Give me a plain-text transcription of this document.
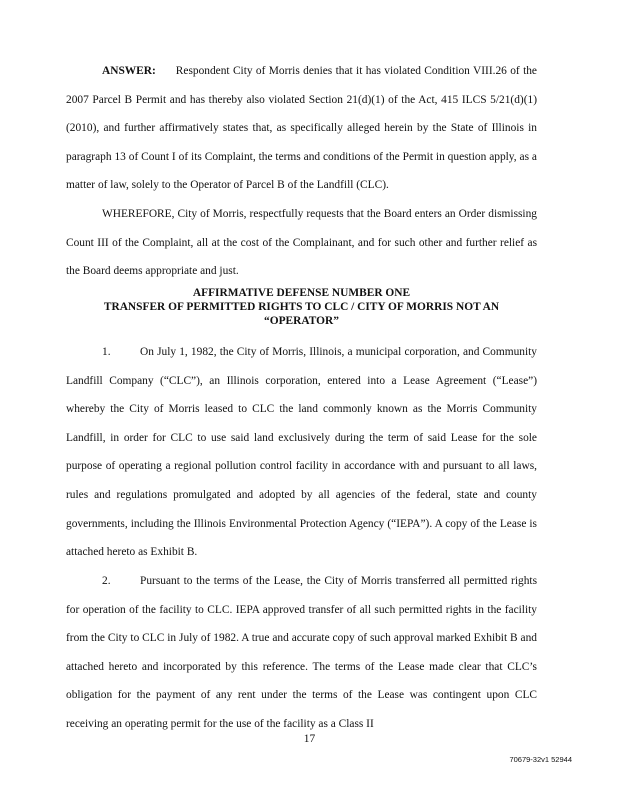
ANSWER: Respondent City of Morris denies that it has violated Condition VIII.26 of the 2007 Parcel B Permit and has thereby also violated Section 21(d)(1) of the Act, 415 ILCS 5/21(d)(1) (2010), and further affirmatively states that, as specifically alleged herein by the State of Illinois in paragraph 13 of Count I of its Complaint, the terms and conditions of the Permit in question apply, as a matter of law, solely to the Operator of Parcel B of the Landfill (CLC).

WHEREFORE, City of Morris, respectfully requests that the Board enters an Order dismissing Count III of the Complaint, all at the cost of the Complainant, and for such other and further relief as the Board deems appropriate and just.

AFFIRMATIVE DEFENSE NUMBER ONE
TRANSFER OF PERMITTED RIGHTS TO CLC / CITY OF MORRIS NOT AN
“OPERATOR”

1.	On July 1, 1982, the City of Morris, Illinois, a municipal corporation, and Community Landfill Company (“CLC”), an Illinois corporation, entered into a Lease Agreement (“Lease”) whereby the City of Morris leased to CLC the land commonly known as the Morris Community Landfill, in order for CLC to use said land exclusively during the term of said Lease for the sole purpose of operating a regional pollution control facility in accordance with and pursuant to all laws, rules and regulations promulgated and adopted by all agencies of the federal, state and county governments, including the Illinois Environmental Protection Agency (“IEPA”). A copy of the Lease is attached hereto as Exhibit B.

2.	Pursuant to the terms of the Lease, the City of Morris transferred all permitted rights for operation of the facility to CLC. IEPA approved transfer of all such permitted rights in the facility from the City to CLC in July of 1982. A true and accurate copy of such approval marked Exhibit B and attached hereto and incorporated by this reference. The terms of the Lease made clear that CLC’s obligation for the payment of any rent under the terms of the Lease was contingent upon CLC receiving an operating permit for the use of the facility as a Class II

17
70679-32v1 52944
